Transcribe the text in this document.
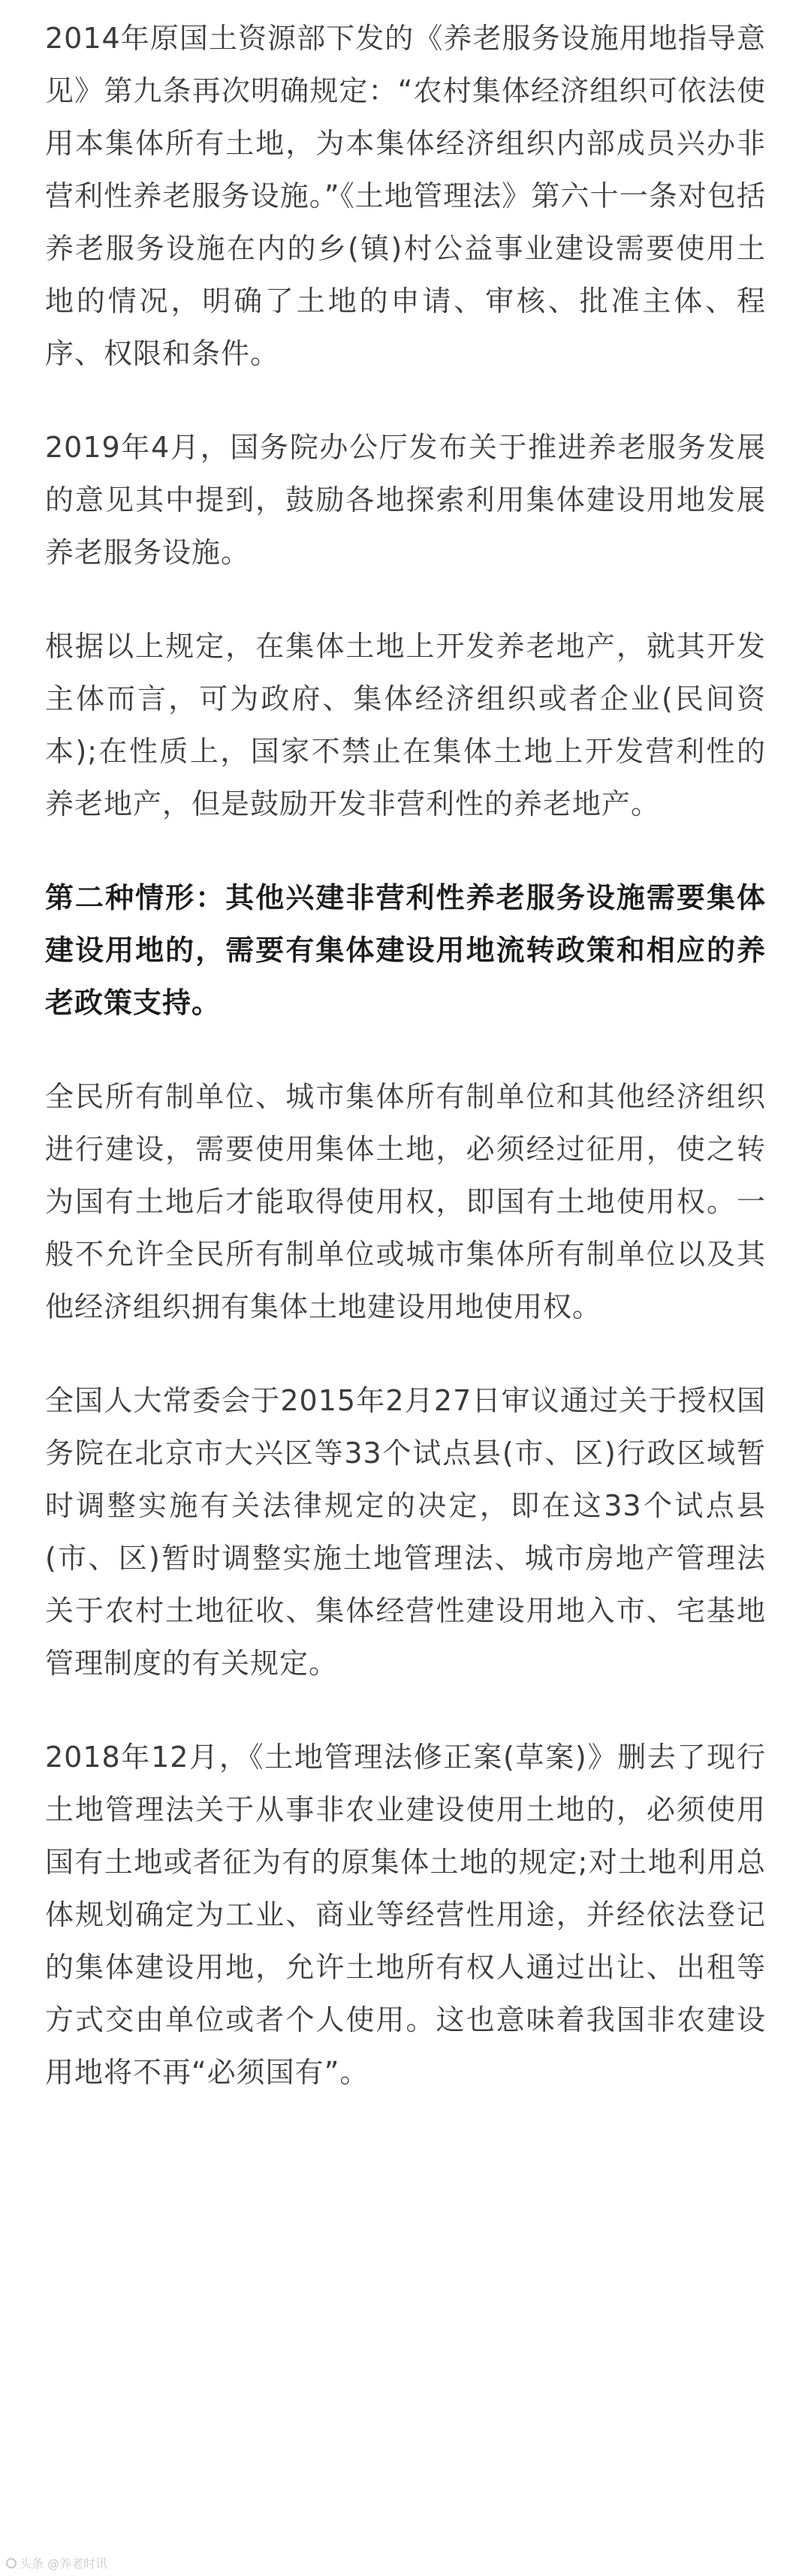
2014年原国土资源部下发的《养老服务设施用地指导意见》第九条再次明确规定：“农村集体经济组织可依法使用本集体所有土地，为本集体经济组织内部成员兴办非营利性养老服务设施。”《土地管理法》第六十一条对包括养老服务设施在内的乡(镇)村公益事业建设需要使用土地的情况，明确了土地的申请、审核、批准主体、程序、权限和条件。

2019年4月，国务院办公厅发布关于推进养老服务发展的意见其中提到，鼓励各地探索利用集体建设用地发展养老服务设施。

根据以上规定，在集体土地上开发养老地产，就其开发主体而言，可为政府、集体经济组织或者企业(民间资本);在性质上，国家不禁止在集体土地上开发营利性的养老地产，但是鼓励开发非营利性的养老地产。

第二种情形：其他兴建非营利性养老服务设施需要集体建设用地的，需要有集体建设用地流转政策和相应的养老政策支持。

全民所有制单位、城市集体所有制单位和其他经济组织进行建设，需要使用集体土地，必须经过征用，使之转为国有土地后才能取得使用权，即国有土地使用权。一般不允许全民所有制单位或城市集体所有制单位以及其他经济组织拥有集体土地建设用地使用权。

全国人大常委会于2015年2月27日审议通过关于授权国务院在北京市大兴区等33个试点县(市、区)行政区域暂时调整实施有关法律规定的决定，即在这33个试点县(市、区)暂时调整实施土地管理法、城市房地产管理法关于农村土地征收、集体经营性建设用地入市、宅基地管理制度的有关规定。

2018年12月，《土地管理法修正案(草案)》删去了现行土地管理法关于从事非农业建设使用土地的，必须使用国有土地或者征为有的原集体土地的规定;对土地利用总体规划确定为工业、商业等经营性用途，并经依法登记的集体建设用地，允许土地所有权人通过出让、出租等方式交由单位或者个人使用。这也意味着我国非农建设用地将不再“必须国有”。

头条 @养老时讯
